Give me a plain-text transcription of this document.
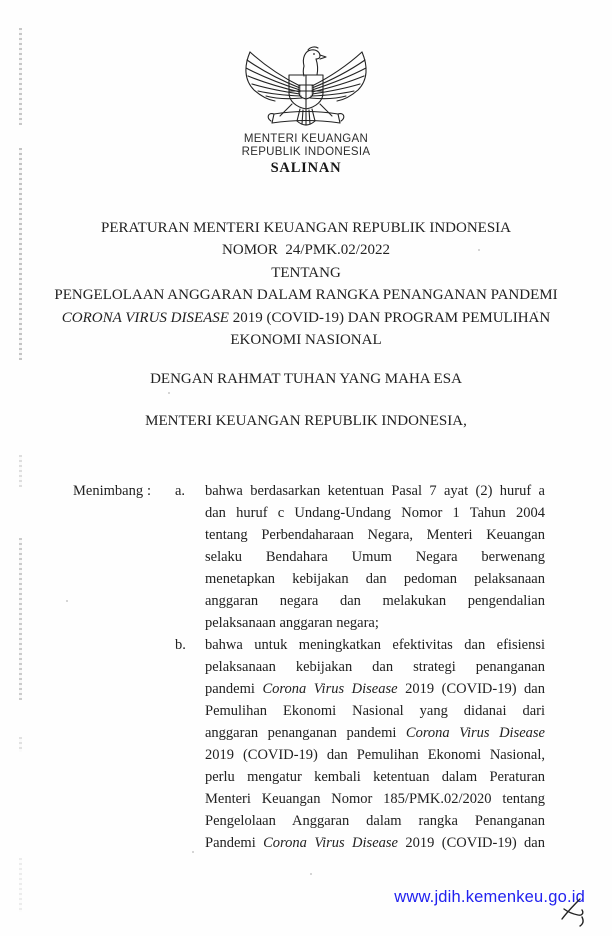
MENTERI KEUANGAN
REPUBLIK INDONESIA
SALINAN
PERATURAN MENTERI KEUANGAN REPUBLIK INDONESIA
NOMOR  24/PMK.02/2022
TENTANG
PENGELOLAAN ANGGARAN DALAM RANGKA PENANGANAN PANDEMI
CORONA VIRUS DISEASE 2019 (COVID-19) DAN PROGRAM PEMULIHAN
EKONOMI NASIONAL
DENGAN RAHMAT TUHAN YANG MAHA ESA
MENTERI KEUANGAN REPUBLIK INDONESIA,
Menimbang :	a.	bahwa berdasarkan ketentuan Pasal 7 ayat (2) huruf a
dan huruf c Undang-Undang Nomor 1 Tahun 2004
tentang Perbendaharaan Negara, Menteri Keuangan
selaku Bendahara Umum Negara berwenang
menetapkan kebijakan dan pedoman pelaksanaan
anggaran negara dan melakukan pengendalian
pelaksanaan anggaran negara;
b.	bahwa untuk meningkatkan efektivitas dan efisiensi
pelaksanaan kebijakan dan strategi penanganan
pandemi Corona Virus Disease 2019 (COVID-19) dan
Pemulihan Ekonomi Nasional yang didanai dari
anggaran penanganan pandemi Corona Virus Disease
2019 (COVID-19) dan Pemulihan Ekonomi Nasional,
perlu mengatur kembali ketentuan dalam Peraturan
Menteri Keuangan Nomor 185/PMK.02/2020 tentang
Pengelolaan Anggaran dalam rangka Penanganan
Pandemi Corona Virus Disease 2019 (COVID-19) dan
www.jdih.kemenkeu.go.id
